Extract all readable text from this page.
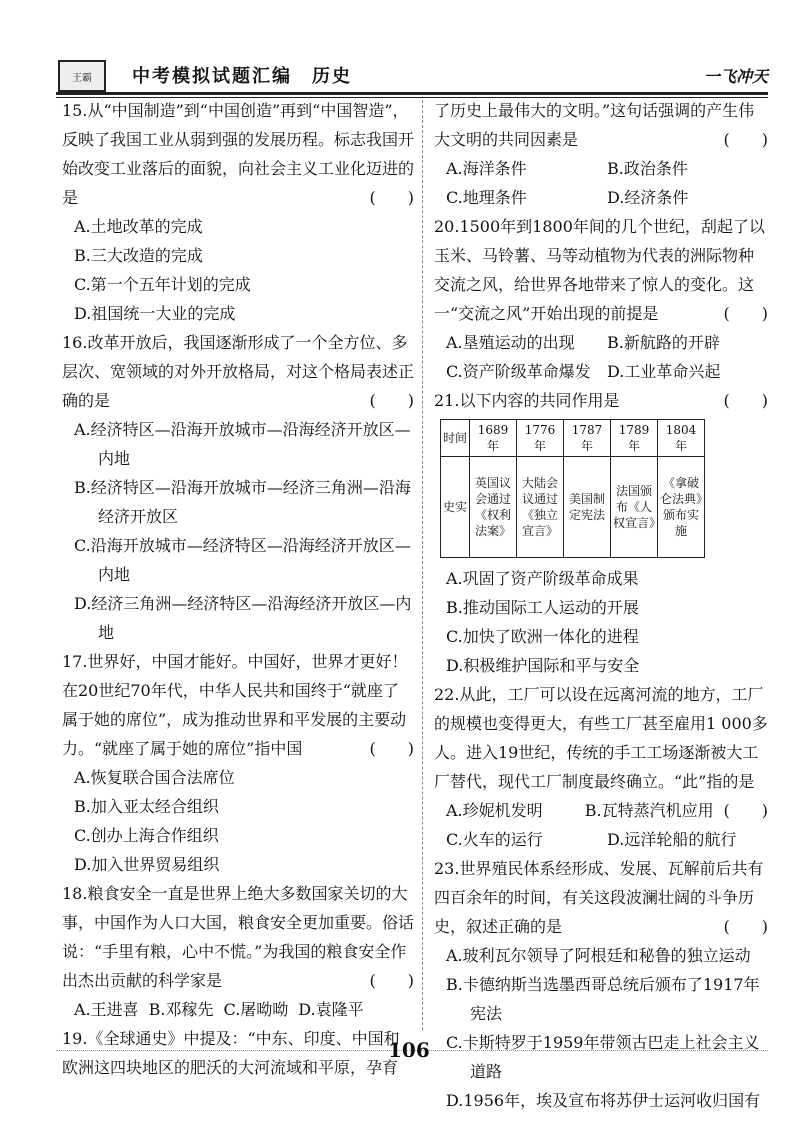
王霸	中考模拟试题汇编　历史	一飞冲天

15.从“中国制造”到“中国创造”再到“中国智造”，反映了我国工业从弱到强的发展历程。标志我国开始改变工业落后的面貌，向社会主义工业化迈进的是	(　　)

A.土地改革的完成

B.三大改造的完成

C.第一个五年计划的完成

D.祖国统一大业的完成

16.改革开放后，我国逐渐形成了一个全方位、多层次、宽领域的对外开放格局，对这个格局表述正确的是	(　　)

A.经济特区—沿海开放城市—沿海经济开放区—内地

B.经济特区—沿海开放城市—经济三角洲—沿海经济开放区

C.沿海开放城市—经济特区—沿海经济开放区—内地

D.经济三角洲—经济特区—沿海经济开放区—内地

17.世界好，中国才能好。中国好，世界才更好！在20世纪70年代，中华人民共和国终于“就座了属于她的席位”，成为推动世界和平发展的主要动力。“就座了属于她的席位”指中国	(　　)

A.恢复联合国合法席位

B.加入亚太经合组织

C.创办上海合作组织

D.加入世界贸易组织

18.粮食安全一直是世界上绝大多数国家关切的大事，中国作为人口大国，粮食安全更加重要。俗话说：“手里有粮，心中不慌。”为我国的粮食安全作出杰出贡献的科学家是	(　　)

A.王进喜 B.邓稼先 C.屠呦呦 D.袁隆平

19.《全球通史》中提及：“中东、印度、中国和欧洲这四块地区的肥沃的大河流域和平原，孕育

了历史上最伟大的文明。”这句话强调的产生伟大文明的共同因素是	(　　)

A.海洋条件	B.政治条件
C.地理条件	D.经济条件

20.1500年到1800年间的几个世纪，刮起了以玉米、马铃薯、马等动植物为代表的洲际物种交流之风，给世界各地带来了惊人的变化。这一“交流之风”开始出现的前提是	(　　)

A.垦殖运动的出现	B.新航路的开辟
C.资产阶级革命爆发	D.工业革命兴起

21.以下内容的共同作用是	(　　)

时间	1689年	1776年	1787年	1789年	1804年
史实	英国议会通过《权利法案》	大陆会议通过《独立宣言》	美国制定宪法	法国颁布《人权宣言》	《拿破仑法典》颁布实施

A.巩固了资产阶级革命成果

B.推动国际工人运动的开展

C.加快了欧洲一体化的进程

D.积极维护国际和平与安全

22.从此，工厂可以设在远离河流的地方，工厂的规模也变得更大，有些工厂甚至雇用1 000多人。进入19世纪，传统的手工工场逐渐被大工厂替代，现代工厂制度最终确立。“此”指的是
(　　)

A.珍妮机发明	B.瓦特蒸汽机应用
C.火车的运行	D.远洋轮船的航行

23.世界殖民体系经形成、发展、瓦解前后共有四百余年的时间，有关这段波澜壮阔的斗争历史，叙述正确的是	(　　)

A.玻利瓦尔领导了阿根廷和秘鲁的独立运动

B.卡德纳斯当选墨西哥总统后颁布了1917年宪法

C.卡斯特罗于1959年带领古巴走上社会主义道路

D.1956年，埃及宣布将苏伊士运河收归国有

106
